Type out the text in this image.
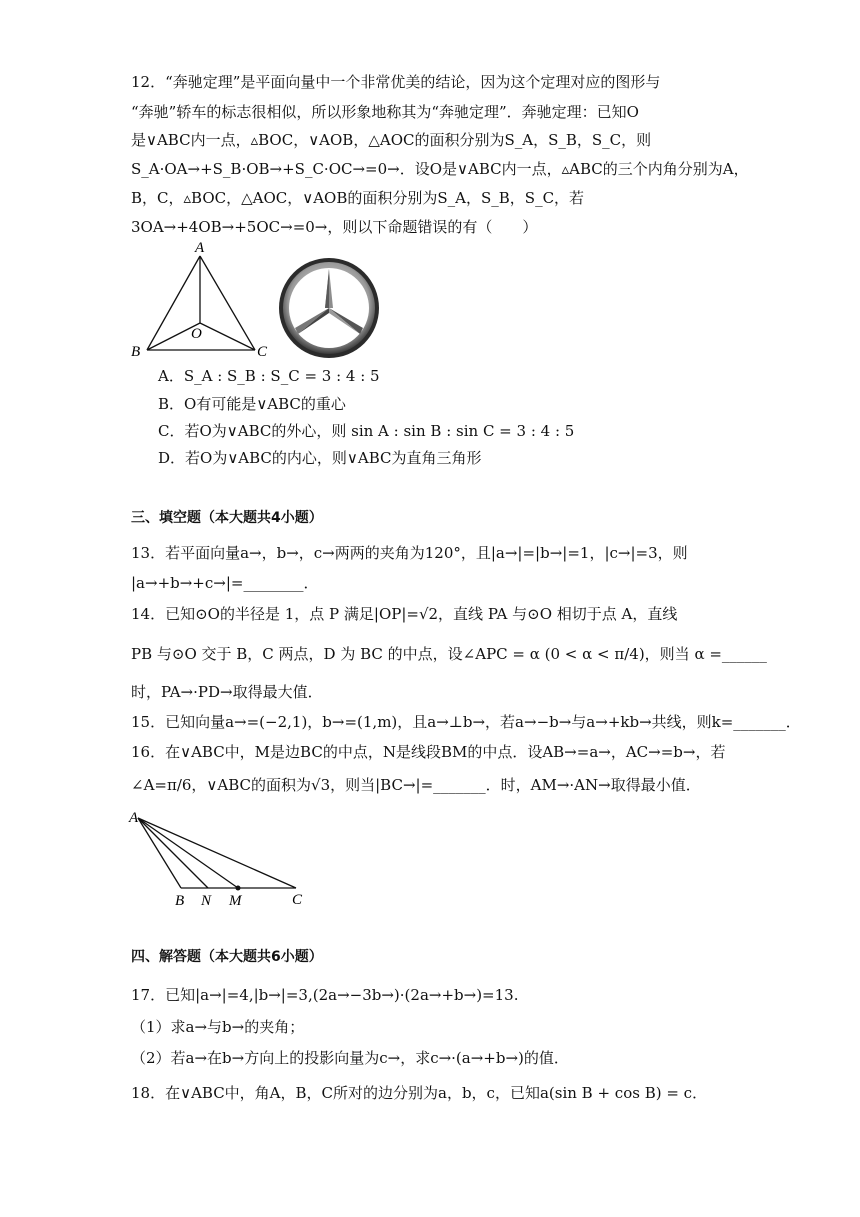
12．“奔驰定理”是平面向量中一个非常优美的结论，因为这个定理对应的图形与
“奔驰”轿车的标志很相似，所以形象地称其为“奔驰定理”．奔驰定理：已知O
是∨ABC内一点，▵BOC，∨AOB，△AOC的面积分别为S_A，S_B，S_C，则
S_A·OA→+S_B·OB→+S_C·OC→=0→．设O是∨ABC内一点，▵ABC的三个内角分别为A，
B，C，▵BOC，△AOC，∨AOB的面积分别为S_A，S_B，S_C，若
3OA→+4OB→+5OC→=0→，则以下命题错误的有（　　）
A
B	C
O
A．S_A : S_B : S_C = 3 : 4 : 5
B．O有可能是∨ABC的重心
C．若O为∨ABC的外心，则 sin A : sin B : sin C = 3 : 4 : 5
D．若O为∨ABC的内心，则∨ABC为直角三角形
三、填空题（本大题共4小题）
13．若平面向量a→，b→，c→两两的夹角为120°，且|a→|=|b→|=1，|c→|=3，则
|a→+b→+c→|=________．
14．已知⊙O的半径是 1，点 P 满足|OP|=√2，直线 PA 与⊙O 相切于点 A，直线
PB 与⊙O 交于 B，C 两点，D 为 BC 的中点，设∠APC = α (0 < α < π/4)，则当 α =______
时，PA→·PD→取得最大值．
15．已知向量a→=(−2,1)，b→=(1,m)，且a→⊥b→，若a→−b→与a→+kb→共线，则k=_______．
16．在∨ABC中，M是边BC的中点，N是线段BM的中点．设AB→=a→，AC→=b→，若
∠A=π/6，∨ABC的面积为√3，则当|BC→|=_______．时，AM→·AN→取得最小值．
A
B N M	C
四、解答题（本大题共6小题）
17．已知|a→|=4,|b→|=3,(2a→−3b→)·(2a→+b→)=13.
（1）求a→与b→的夹角；
（2）若a→在b→方向上的投影向量为c→，求c→·(a→+b→)的值．
18．在∨ABC中，角A，B，C所对的边分别为a，b，c，已知a(sin B + cos B) = c．
